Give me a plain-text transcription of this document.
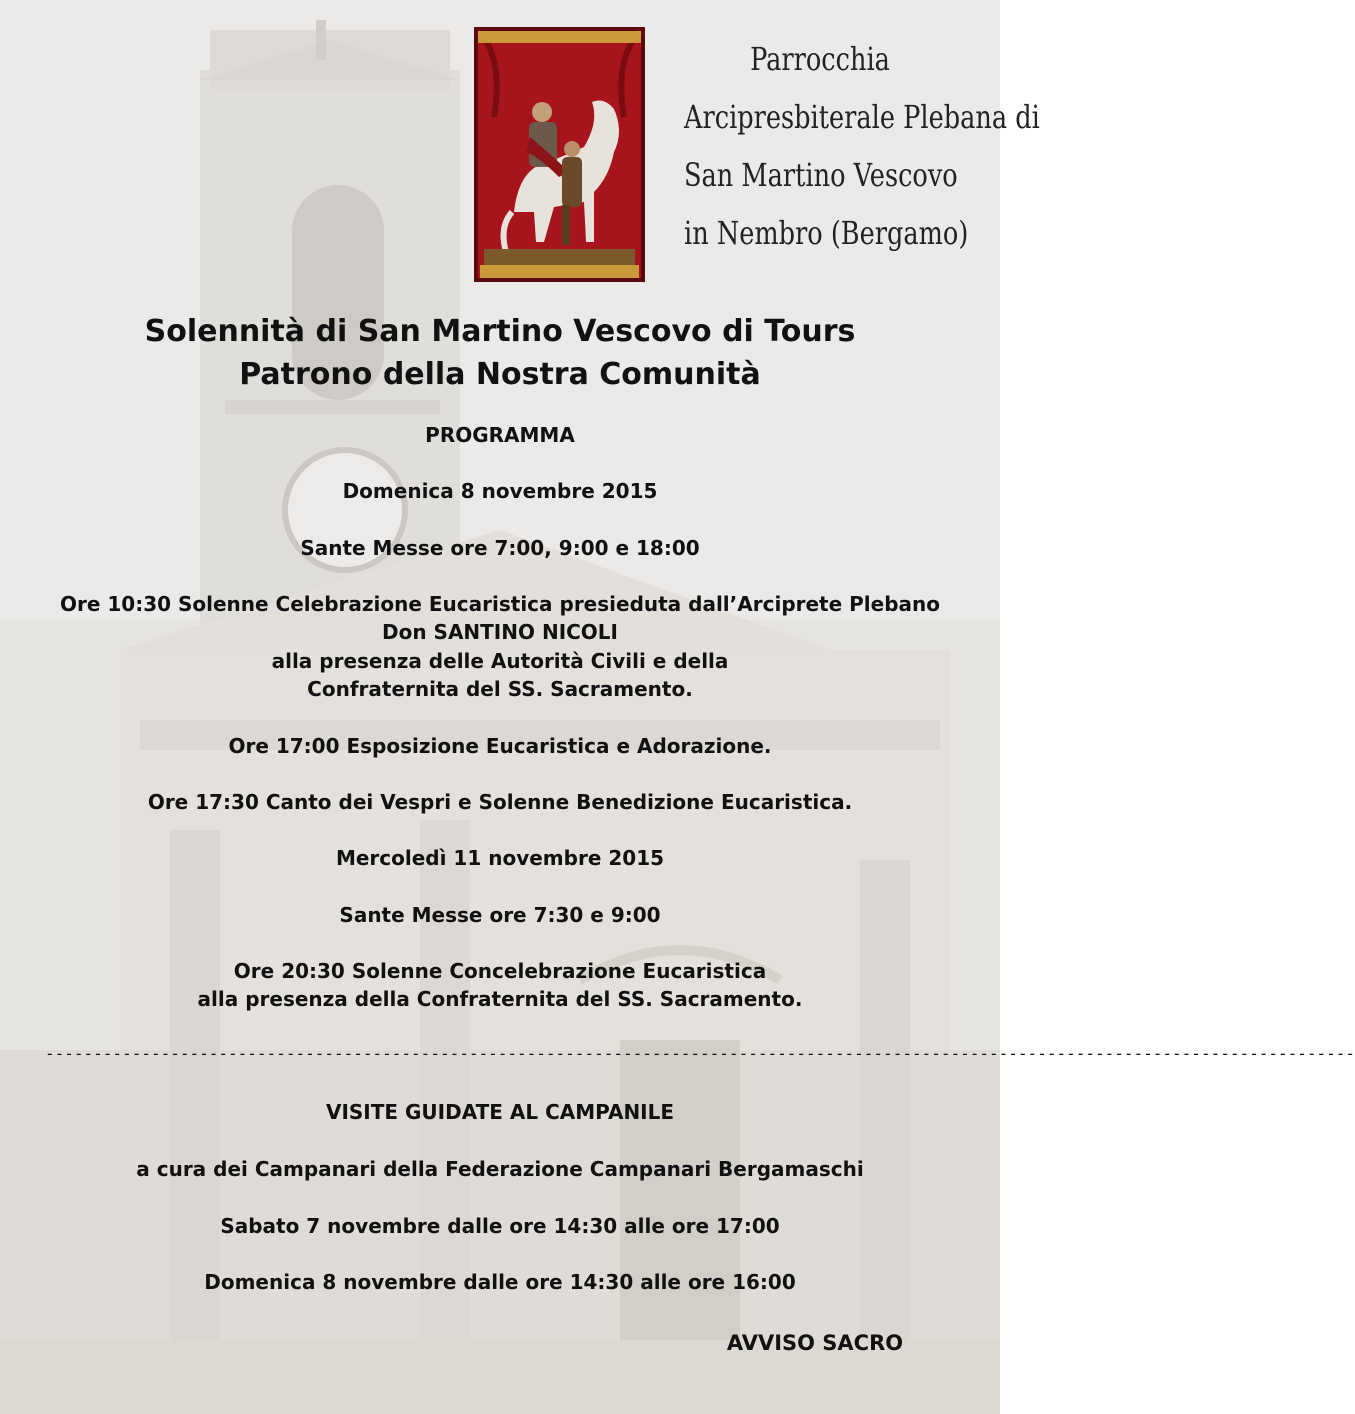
Parrocchia
Arcipresbiterale Plebana di
San Martino Vescovo
in Nembro (Bergamo)
Solennità di San Martino Vescovo di Tours
Patrono della Nostra Comunità
PROGRAMMA
Domenica 8 novembre 2015
Sante Messe ore 7:00, 9:00 e 18:00
Ore 10:30 Solenne Celebrazione Eucaristica presieduta dall’Arciprete Plebano
Don SANTINO NICOLI
alla presenza delle Autorità Civili e della
Confraternita del SS. Sacramento.
Ore 17:00 Esposizione Eucaristica e Adorazione.
Ore 17:30 Canto dei Vespri e Solenne Benedizione Eucaristica.
Mercoledì 11 novembre 2015
Sante Messe ore 7:30 e 9:00
Ore 20:30 Solenne Concelebrazione Eucaristica
alla presenza della Confraternita del SS. Sacramento.
----------------------------------------------------------------------------------------------------------------------------------------
VISITE GUIDATE AL CAMPANILE
a cura dei Campanari della Federazione Campanari Bergamaschi
Sabato 7 novembre dalle ore 14:30 alle ore 17:00
Domenica 8 novembre dalle ore 14:30 alle ore 16:00
AVVISO SACRO
